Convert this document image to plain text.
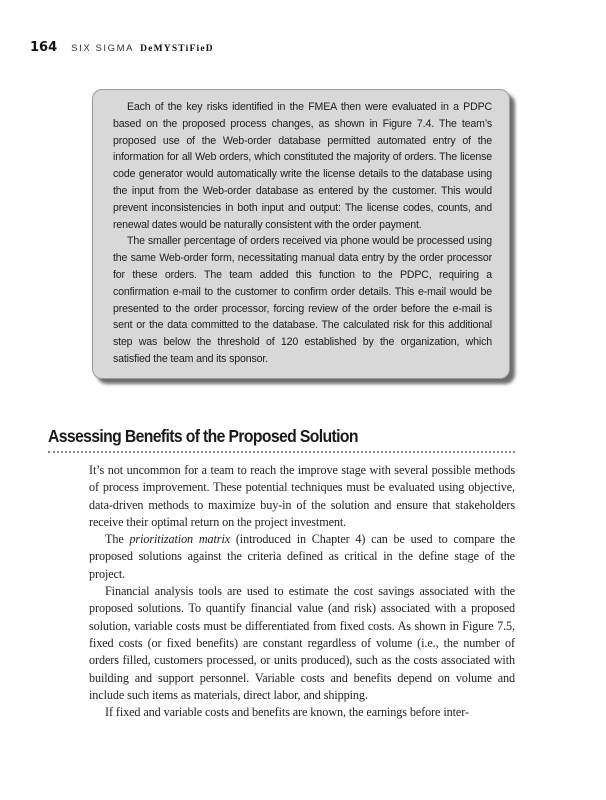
164 SIX SIGMA DeMYSTiFieD

Each of the key risks identified in the FMEA then were evaluated in a PDPC based on the proposed process changes, as shown in Figure 7.4. The team’s proposed use of the Web-order database permitted automated entry of the information for all Web orders, which constituted the majority of orders. The license code generator would automatically write the license details to the database using the input from the Web-order database as entered by the customer. This would prevent inconsistencies in both input and output: The license codes, counts, and renewal dates would be naturally consistent with the order payment.

The smaller percentage of orders received via phone would be processed using the same Web-order form, necessitating manual data entry by the order processor for these orders. The team added this function to the PDPC, requiring a confirmation e-mail to the customer to confirm order details. This e-mail would be presented to the order processor, forcing review of the order before the e-mail is sent or the data committed to the database. The calculated risk for this additional step was below the threshold of 120 established by the organization, which satisfied the team and its sponsor.

Assessing Benefits of the Proposed Solution

It’s not uncommon for a team to reach the improve stage with several possible methods of process improvement. These potential techniques must be evaluated using objective, data-driven methods to maximize buy-in of the solution and ensure that stakeholders receive their optimal return on the project investment.

The prioritization matrix (introduced in Chapter 4) can be used to compare the proposed solutions against the criteria defined as critical in the define stage of the project.

Financial analysis tools are used to estimate the cost savings associated with the proposed solutions. To quantify financial value (and risk) associated with a proposed solution, variable costs must be differentiated from fixed costs. As shown in Figure 7.5, fixed costs (or fixed benefits) are constant regardless of volume (i.e., the number of orders filled, customers processed, or units produced), such as the costs associated with building and support personnel. Variable costs and benefits depend on volume and include such items as materials, direct labor, and shipping.

If fixed and variable costs and benefits are known, the earnings before inter-
